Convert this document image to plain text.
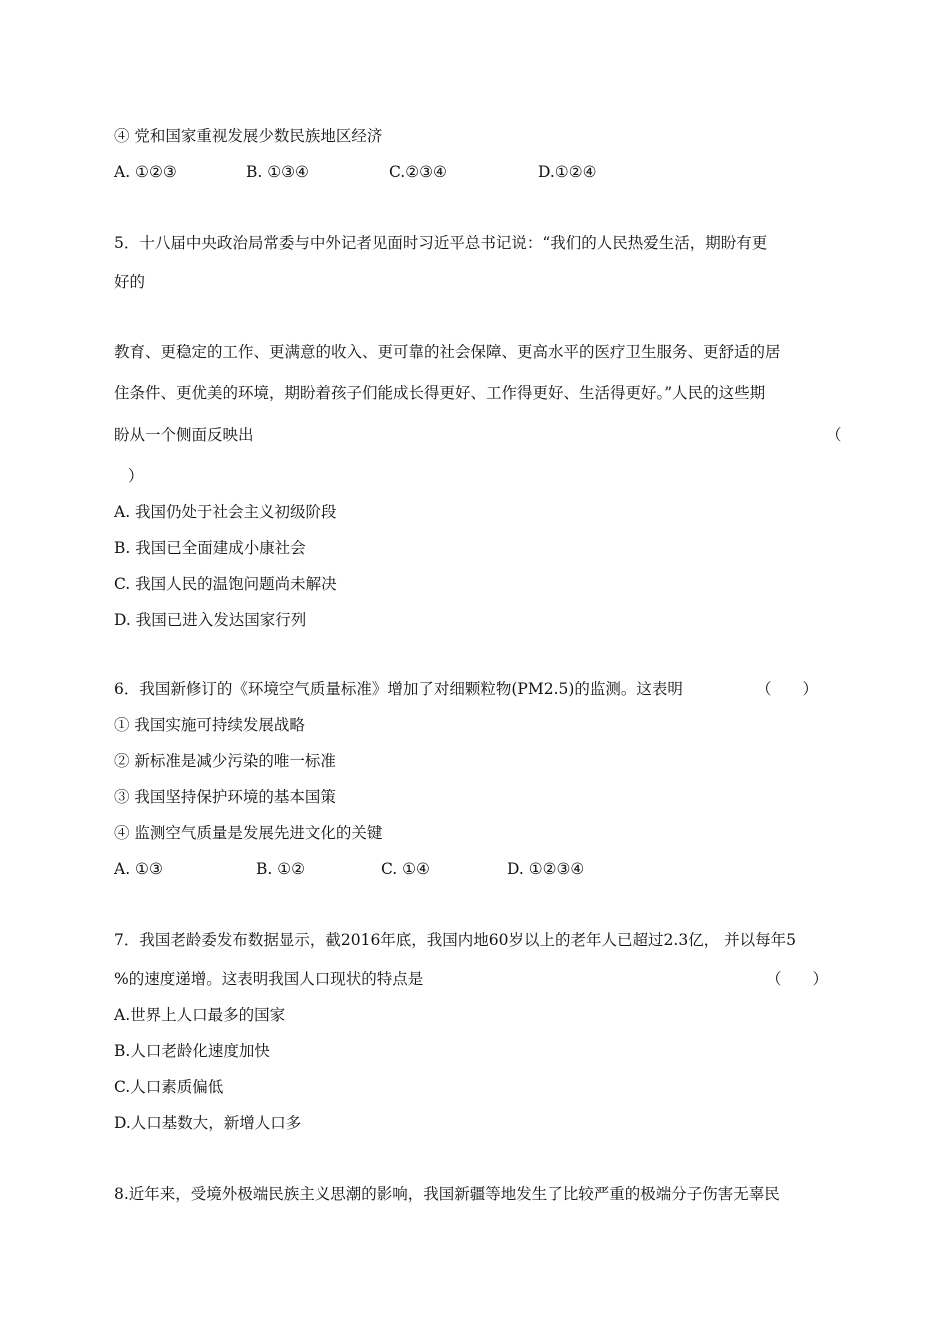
④ 党和国家重视发展少数民族地区经济
A. ①②③	B. ①③④	C.②③④	D.①②④
5．十八届中央政治局常委与中外记者见面时习近平总书记说：“我们的人民热爱生活，期盼有更
好的
教育、更稳定的工作、更满意的收入、更可靠的社会保障、更高水平的医疗卫生服务、更舒适的居
住条件、更优美的环境，期盼着孩子们能成长得更好、工作得更好、生活得更好。”人民的这些期
盼从一个侧面反映出	（
）
A. 我国仍处于社会主义初级阶段
B. 我国已全面建成小康社会
C. 我国人民的温饱问题尚未解决
D. 我国已进入发达国家行列
6．我国新修订的《环境空气质量标准》增加了对细颗粒物(PM2.5)的监测。这表明	（　　）
① 我国实施可持续发展战略
② 新标准是减少污染的唯一标准
③ 我国坚持保护环境的基本国策
④ 监测空气质量是发展先进文化的关键
A. ①③	B. ①②	C. ①④	D. ①②③④
7．我国老龄委发布数据显示，截2016年底，我国内地60岁以上的老年人已超过2.3亿， 并以每年5
%的速度递增。这表明我国人口现状的特点是	（　　）
A.世界上人口最多的国家
B.人口老龄化速度加快
C.人口素质偏低
D.人口基数大，新增人口多
8.近年来，受境外极端民族主义思潮的影响，我国新疆等地发生了比较严重的极端分子伤害无辜民
